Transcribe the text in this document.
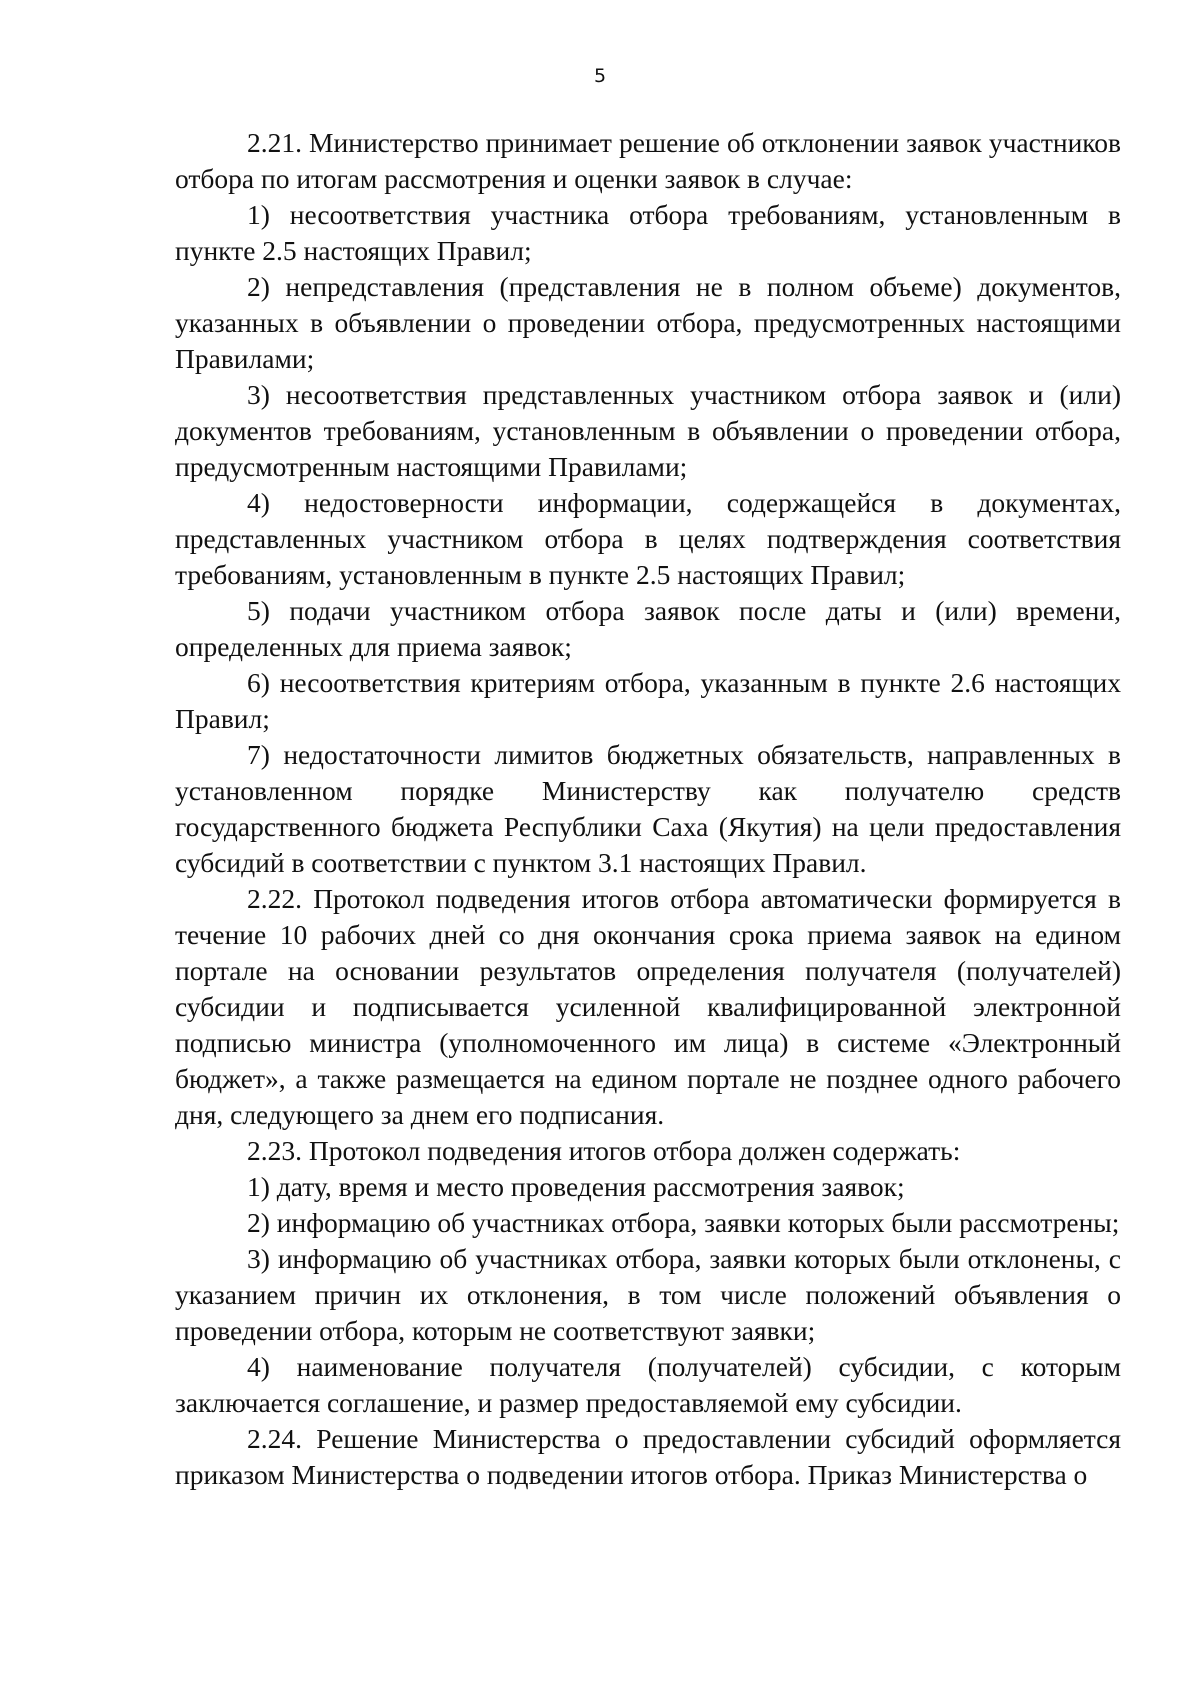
5

2.21. Министерство принимает решение об отклонении заявок участников отбора по итогам рассмотрения и оценки заявок в случае:

1) несоответствия участника отбора требованиям, установленным в пункте 2.5 настоящих Правил;

2) непредставления (представления не в полном объеме) документов, указанных в объявлении о проведении отбора, предусмотренных настоящими Правилами;

3) несоответствия представленных участником отбора заявок и (или) документов требованиям, установленным в объявлении о проведении отбора, предусмотренным настоящими Правилами;

4) недостоверности информации, содержащейся в документах, представленных участником отбора в целях подтверждения соответствия требованиям, установленным в пункте 2.5 настоящих Правил;

5) подачи участником отбора заявок после даты и (или) времени, определенных для приема заявок;

6) несоответствия критериям отбора, указанным в пункте 2.6 настоящих Правил;

7) недостаточности лимитов бюджетных обязательств, направленных в установленном порядке Министерству как получателю средств государственного бюджета Республики Саха (Якутия) на цели предоставления субсидий в соответствии с пунктом 3.1 настоящих Правил.

2.22. Протокол подведения итогов отбора автоматически формируется в течение 10 рабочих дней со дня окончания срока приема заявок на едином портале на основании результатов определения получателя (получателей) субсидии и подписывается усиленной квалифицированной электронной подписью министра (уполномоченного им лица) в системе «Электронный бюджет», а также размещается на едином портале не позднее одного рабочего дня, следующего за днем его подписания.

2.23. Протокол подведения итогов отбора должен содержать:

1) дату, время и место проведения рассмотрения заявок;

2) информацию об участниках отбора, заявки которых были рассмотрены;

3) информацию об участниках отбора, заявки которых были отклонены, с указанием причин их отклонения, в том числе положений объявления о проведении отбора, которым не соответствуют заявки;

4) наименование получателя (получателей) субсидии, с которым заключается соглашение, и размер предоставляемой ему субсидии.

2.24. Решение Министерства о предоставлении субсидий оформляется приказом Министерства о подведении итогов отбора. Приказ Министерства о
